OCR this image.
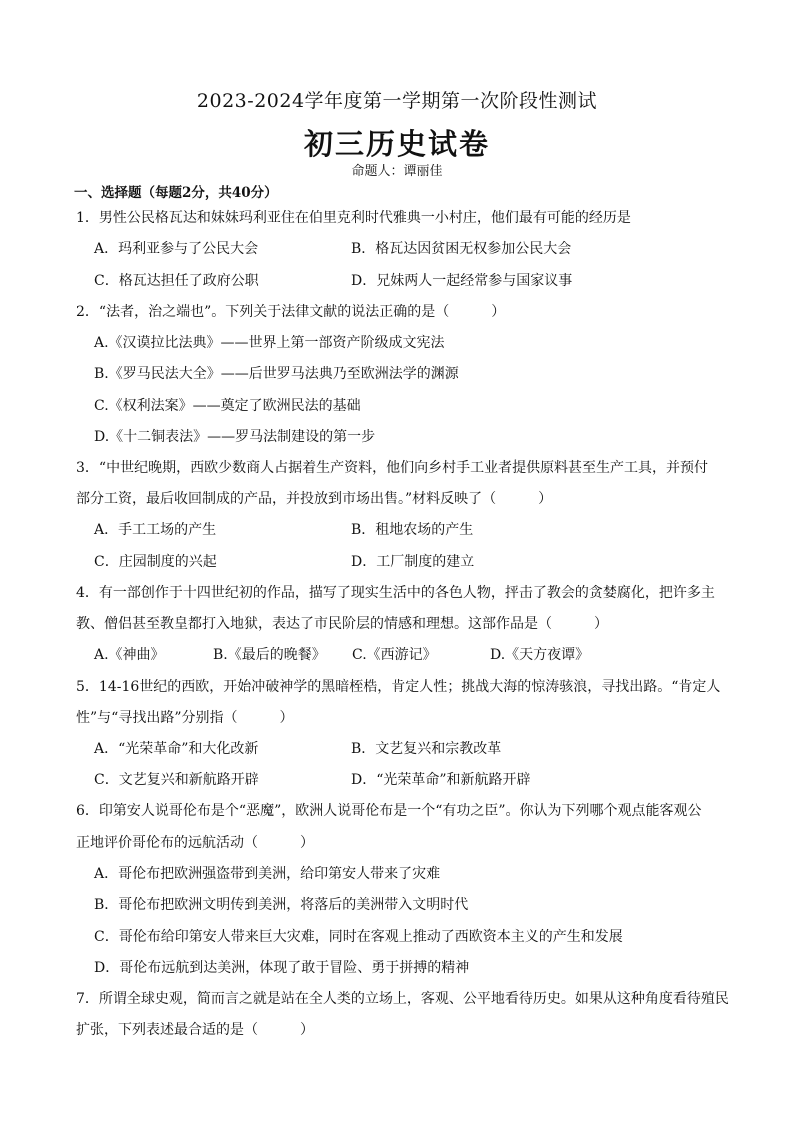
2023-2024学年度第一学期第一次阶段性测试
初三历史试卷
命题人：谭丽佳
一、选择题（每题2分，共40分）
1．男性公民格瓦达和妹妹玛利亚住在伯里克利时代雅典一小村庄，他们最有可能的经历是
A．玛利亚参与了公民大会	B．格瓦达因贫困无权参加公民大会
C．格瓦达担任了政府公职	D．兄妹两人一起经常参与国家议事
2．“法者，治之端也”。下列关于法律文献的说法正确的是（　　　）
A.《汉谟拉比法典》——世界上第一部资产阶级成文宪法
B.《罗马民法大全》——后世罗马法典乃至欧洲法学的渊源
C.《权利法案》——奠定了欧洲民法的基础
D.《十二铜表法》——罗马法制建设的第一步
3．“中世纪晚期，西欧少数商人占据着生产资料，他们向乡村手工业者提供原料甚至生产工具，并预付
部分工资，最后收回制成的产品，并投放到市场出售。”材料反映了（　　　）
A．手工工场的产生	B．租地农场的产生
C．庄园制度的兴起	D．工厂制度的建立
4．有一部创作于十四世纪初的作品，描写了现实生活中的各色人物，抨击了教会的贪婪腐化，把许多主
教、僧侣甚至教皇都打入地狱，表达了市民阶层的情感和理想。这部作品是（　　　）
A.《神曲》	B.《最后的晚餐》 C.《西游记》	D.《天方夜谭》
5．14-16世纪的西欧，开始冲破神学的黑暗桎梏，肯定人性；挑战大海的惊涛骇浪，寻找出路。“肯定人
性”与“寻找出路”分别指（　　　）
A．“光荣革命”和大化改新	B．文艺复兴和宗教改革
C．文艺复兴和新航路开辟	D．“光荣革命”和新航路开辟
6．印第安人说哥伦布是个“恶魔”，欧洲人说哥伦布是一个“有功之臣”。你认为下列哪个观点能客观公
正地评价哥伦布的远航活动（　　　）
A．哥伦布把欧洲强盗带到美洲，给印第安人带来了灾难
B．哥伦布把欧洲文明传到美洲，将落后的美洲带入文明时代
C．哥伦布给印第安人带来巨大灾难，同时在客观上推动了西欧资本主义的产生和发展
D．哥伦布远航到达美洲，体现了敢于冒险、勇于拼搏的精神
7．所谓全球史观，简而言之就是站在全人类的立场上，客观、公平地看待历史。如果从这种角度看待殖民
扩张，下列表述最合适的是（　　　）
